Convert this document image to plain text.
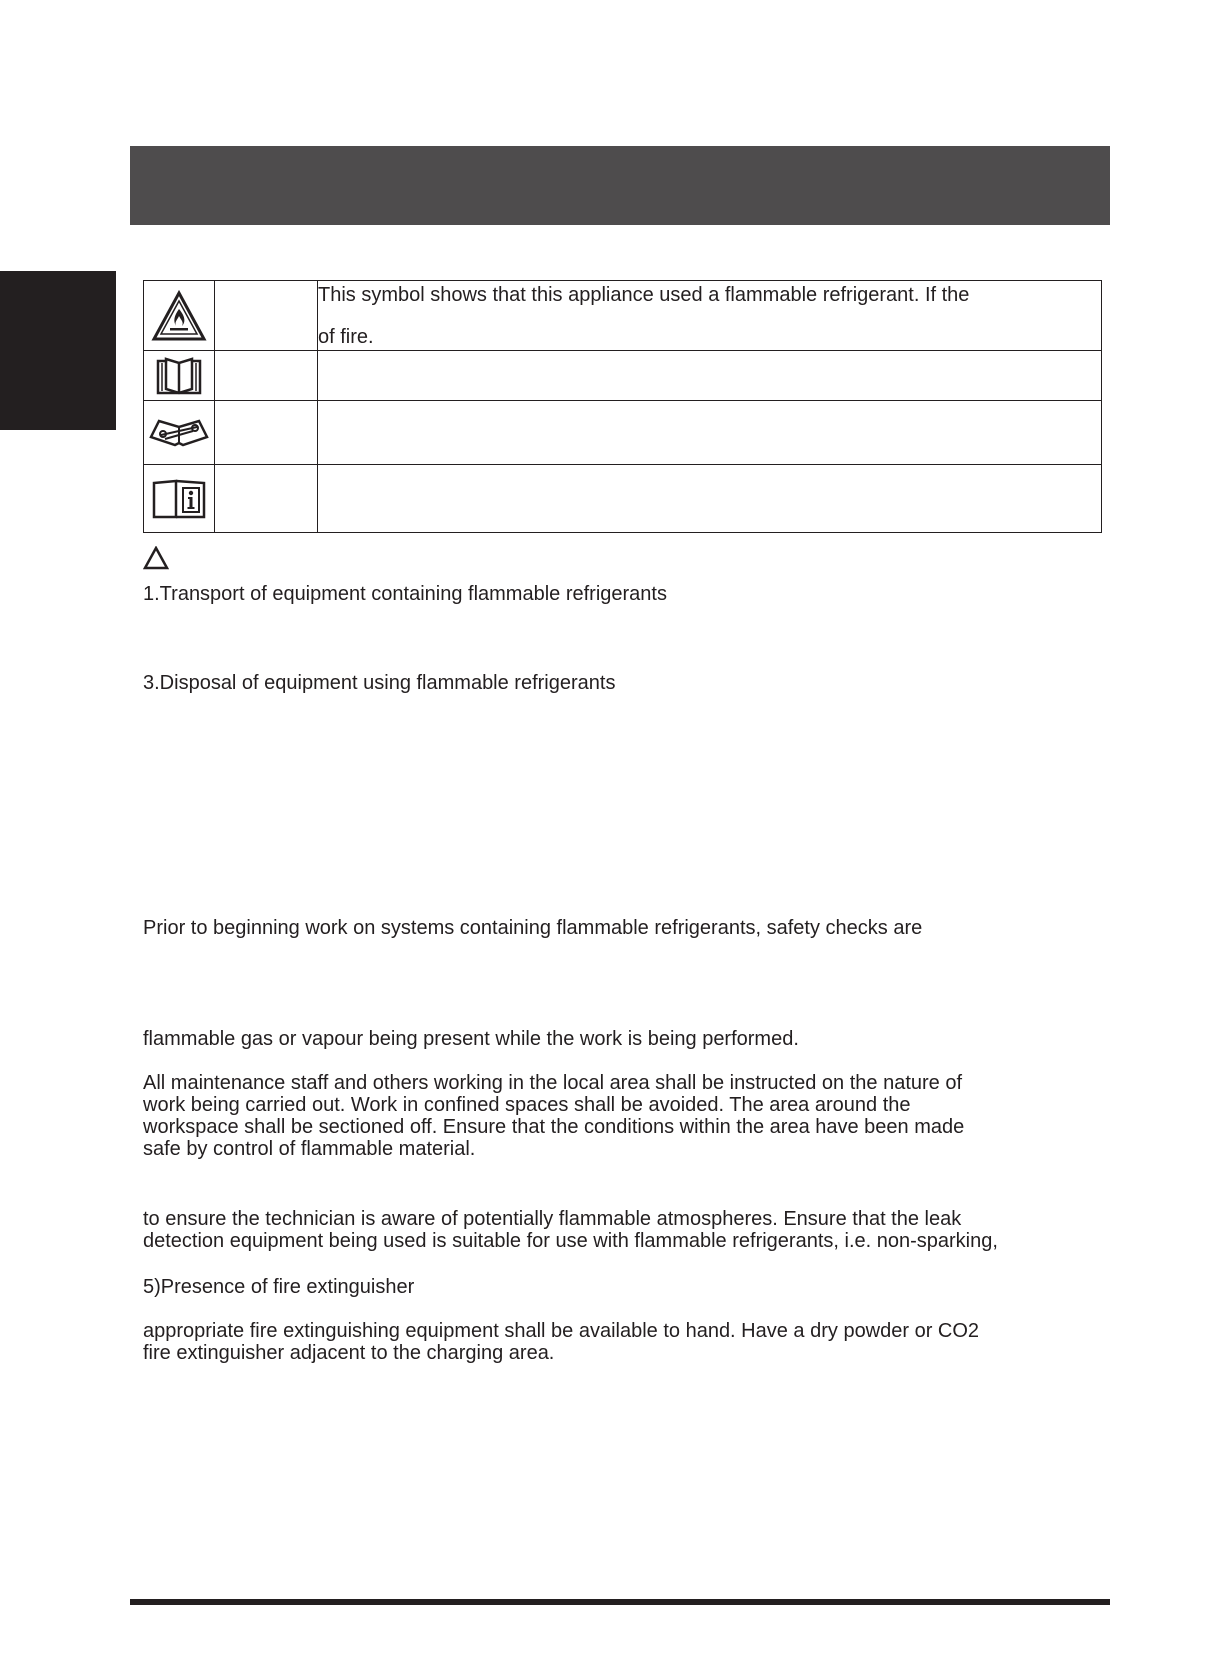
This symbol shows that this appliance used a flammable refrigerant. If the
of fire.

1.Transport of equipment containing flammable refrigerants

3.Disposal of equipment using flammable refrigerants

Prior to beginning work on systems containing flammable refrigerants, safety checks are

flammable gas or vapour being present while the work is being performed.

All maintenance staff and others working in the local area shall be instructed on the nature of
work being carried out. Work in confined spaces shall be avoided. The area around the
workspace shall be sectioned off. Ensure that the conditions within the area have been made
safe by control of flammable material.
to ensure the technician is aware of potentially flammable atmospheres. Ensure that the leak
detection equipment being used is suitable for use with flammable refrigerants, i.e. non-sparking,

5)Presence of fire extinguisher

appropriate fire extinguishing equipment shall be available to hand. Have a dry powder or CO2
fire extinguisher adjacent to the charging area.
